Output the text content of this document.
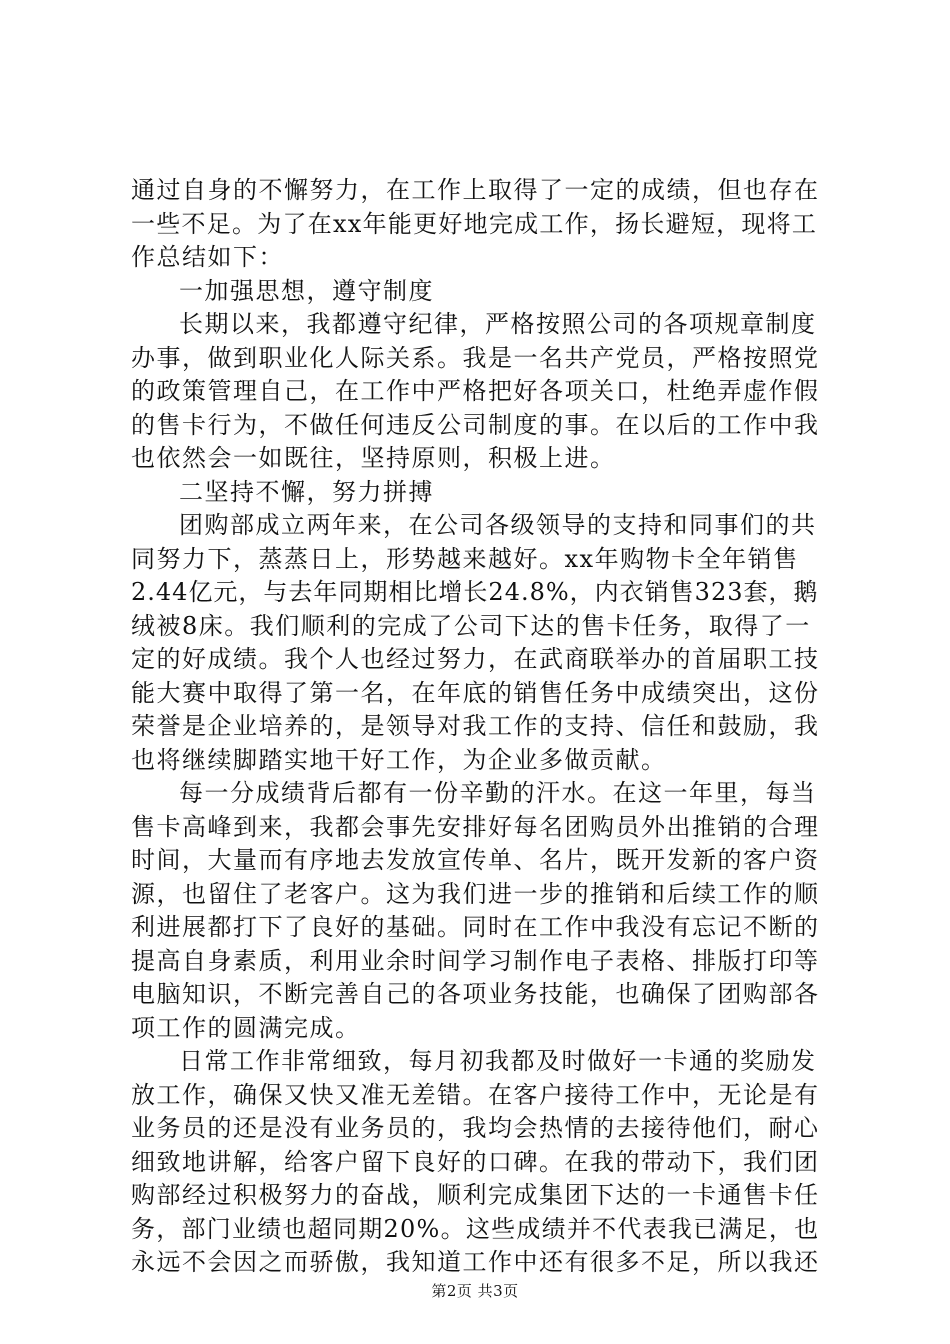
通过自身的不懈努力，在工作上取得了一定的成绩，但也存在
一些不足。为了在xx年能更好地完成工作，扬长避短，现将工
作总结如下：
一加强思想，遵守制度
长期以来，我都遵守纪律，严格按照公司的各项规章制度
办事，做到职业化人际关系。我是一名共产党员，严格按照党
的政策管理自己，在工作中严格把好各项关口，杜绝弄虚作假
的售卡行为，不做任何违反公司制度的事。在以后的工作中我
也依然会一如既往，坚持原则，积极上进。
二坚持不懈，努力拼搏
团购部成立两年来，在公司各级领导的支持和同事们的共
同努力下，蒸蒸日上，形势越来越好。xx年购物卡全年销售
2.44亿元，与去年同期相比增长24.8%，内衣销售323套，鹅
绒被8床。我们顺利的完成了公司下达的售卡任务，取得了一
定的好成绩。我个人也经过努力，在武商联举办的首届职工技
能大赛中取得了第一名，在年底的销售任务中成绩突出，这份
荣誉是企业培养的，是领导对我工作的支持、信任和鼓励，我
也将继续脚踏实地干好工作，为企业多做贡献。
每一分成绩背后都有一份辛勤的汗水。在这一年里，每当
售卡高峰到来，我都会事先安排好每名团购员外出推销的合理
时间，大量而有序地去发放宣传单、名片，既开发新的客户资
源，也留住了老客户。这为我们进一步的推销和后续工作的顺
利进展都打下了良好的基础。同时在工作中我没有忘记不断的
提高自身素质，利用业余时间学习制作电子表格、排版打印等
电脑知识，不断完善自己的各项业务技能，也确保了团购部各
项工作的圆满完成。
日常工作非常细致，每月初我都及时做好一卡通的奖励发
放工作，确保又快又准无差错。在客户接待工作中，无论是有
业务员的还是没有业务员的，我均会热情的去接待他们，耐心
细致地讲解，给客户留下良好的口碑。在我的带动下，我们团
购部经过积极努力的奋战，顺利完成集团下达的一卡通售卡任
务，部门业绩也超同期20%。这些成绩并不代表我已满足，也
永远不会因之而骄傲，我知道工作中还有很多不足，所以我还
第2页 共3页
